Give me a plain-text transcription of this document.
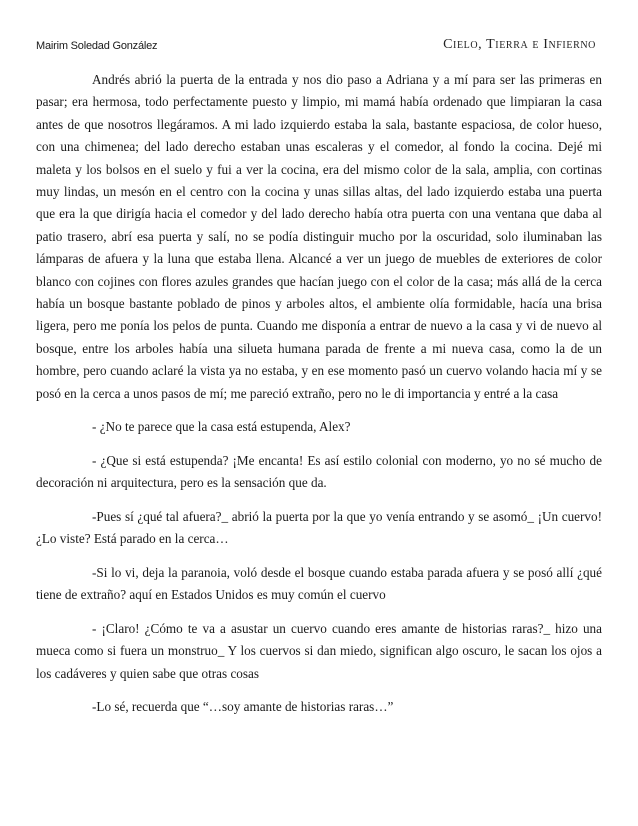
Mairim Soledad González	Cielo, Tierra e Infierno

Andrés abrió la puerta de la entrada y nos dio paso a Adriana y a mí para ser las primeras en pasar; era hermosa, todo perfectamente puesto y limpio, mi mamá había ordenado que limpiaran la casa antes de que nosotros llegáramos. A mi lado izquierdo estaba la sala, bastante espaciosa, de color hueso, con una chimenea; del lado derecho estaban unas escaleras y el comedor, al fondo la cocina. Dejé mi maleta y los bolsos en el suelo y fui a ver la cocina, era del mismo color de la sala, amplia, con cortinas muy lindas, un mesón en el centro con la cocina y unas sillas altas, del lado izquierdo estaba una puerta que era la que dirigía hacia el comedor y del lado derecho había otra puerta con una ventana que daba al patio trasero, abrí esa puerta y salí, no se podía distinguir mucho por la oscuridad, solo iluminaban las lámparas de afuera y la luna que estaba llena. Alcancé a ver un juego de muebles de exteriores de color blanco con cojines con flores azules grandes que hacían juego con el color de la casa; más allá de la cerca había un bosque bastante poblado de pinos y arboles altos, el ambiente olía formidable, hacía una brisa ligera, pero me ponía los pelos de punta. Cuando me disponía a entrar de nuevo a la casa y vi de nuevo al bosque, entre los arboles había una silueta humana parada de frente a mi nueva casa, como la de un hombre, pero cuando aclaré la vista ya no estaba, y en ese momento pasó un cuervo volando hacia mí y se posó en la cerca a unos pasos de mí; me pareció extraño, pero no le di importancia y entré a la casa

- ¿No te parece que la casa está estupenda, Alex?

- ¿Que si está estupenda? ¡Me encanta! Es así estilo colonial con moderno, yo no sé mucho de decoración ni arquitectura, pero es la sensación que da.

-Pues sí ¿qué tal afuera?_ abrió la puerta por la que yo venía entrando y se asomó_ ¡Un cuervo! ¿Lo viste? Está parado en la cerca…

-Si lo vi, deja la paranoia, voló desde el bosque cuando estaba parada afuera y se posó allí ¿qué tiene de extraño? aquí en Estados Unidos es muy común el cuervo

- ¡Claro! ¿Cómo te va a asustar un cuervo cuando eres amante de historias raras?_ hizo una mueca como si fuera un monstruo_ Y los cuervos si dan miedo, significan algo oscuro, le sacan los ojos a los cadáveres y quien sabe que otras cosas

-Lo sé, recuerda que “…soy amante de historias raras…”
